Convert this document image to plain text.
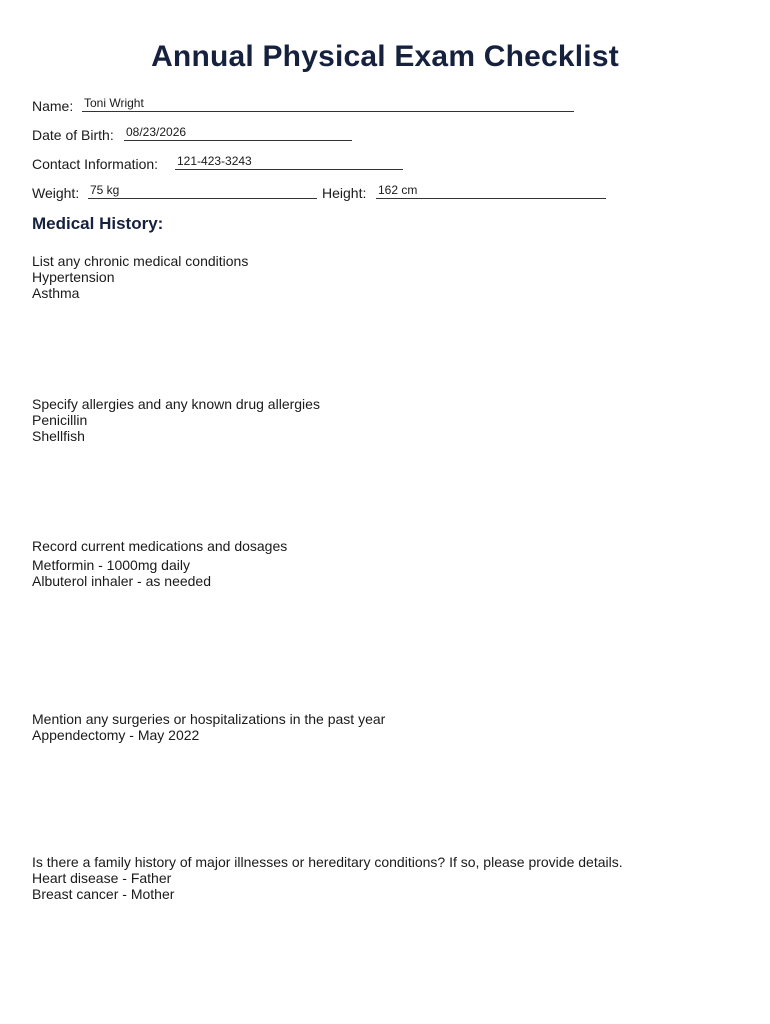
Annual Physical Exam Checklist
Name: Toni Wright
Date of Birth: 08/23/2026
Contact Information: 121-423-3243
Weight: 75 kg	Height: 162 cm
Medical History:
List any chronic medical conditions
Hypertension
Asthma
Specify allergies and any known drug allergies
Penicillin
Shellfish
Record current medications and dosages
Metformin - 1000mg daily
Albuterol inhaler - as needed
Mention any surgeries or hospitalizations in the past year
Appendectomy - May 2022
Is there a family history of major illnesses or hereditary conditions? If so, please provide details.
Heart disease - Father
Breast cancer - Mother
